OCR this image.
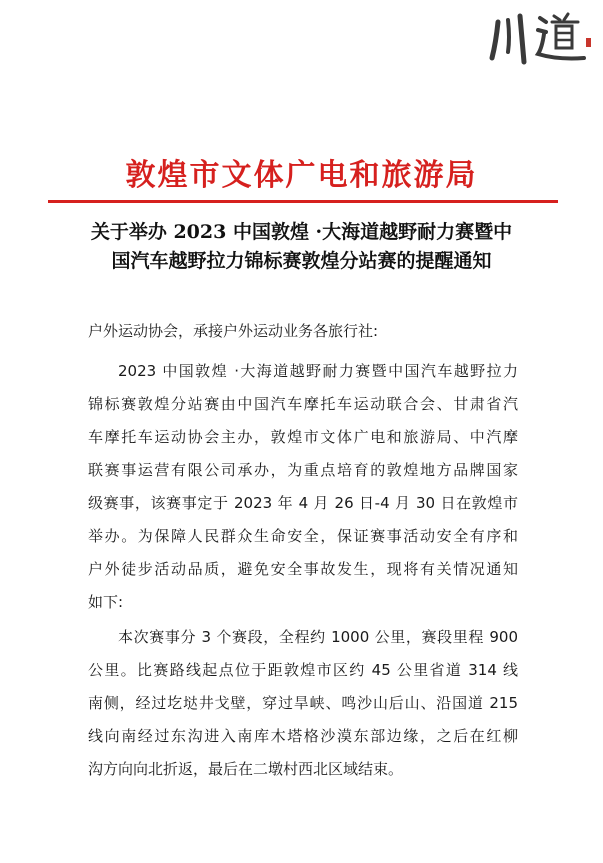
敦煌市文体广电和旅游局
关于举办 2023 中国敦煌 ·大海道越野耐力赛暨中
国汽车越野拉力锦标赛敦煌分站赛的提醒通知
户外运动协会，承接户外运动业务各旅行社:
2023 中国敦煌 ·大海道越野耐力赛暨中国汽车越野拉力
锦标赛敦煌分站赛由中国汽车摩托车运动联合会、甘肃省汽
车摩托车运动协会主办，敦煌市文体广电和旅游局、中汽摩
联赛事运营有限公司承办，为重点培育的敦煌地方品牌国家
级赛事，该赛事定于 2023 年 4 月 26 日-4 月 30 日在敦煌市
举办。为保障人民群众生命安全，保证赛事活动安全有序和
户外徒步活动品质，避免安全事故发生，现将有关情况通知
如下:
本次赛事分 3 个赛段，全程约 1000 公里，赛段里程 900
公里。比赛路线起点位于距敦煌市区约 45 公里省道 314 线
南侧，经过圪垯井戈壁，穿过旱峡、鸣沙山后山、沿国道 215
线向南经过东沟进入南库木塔格沙漠东部边缘，之后在红柳
沟方向向北折返，最后在二墩村西北区域结束。
